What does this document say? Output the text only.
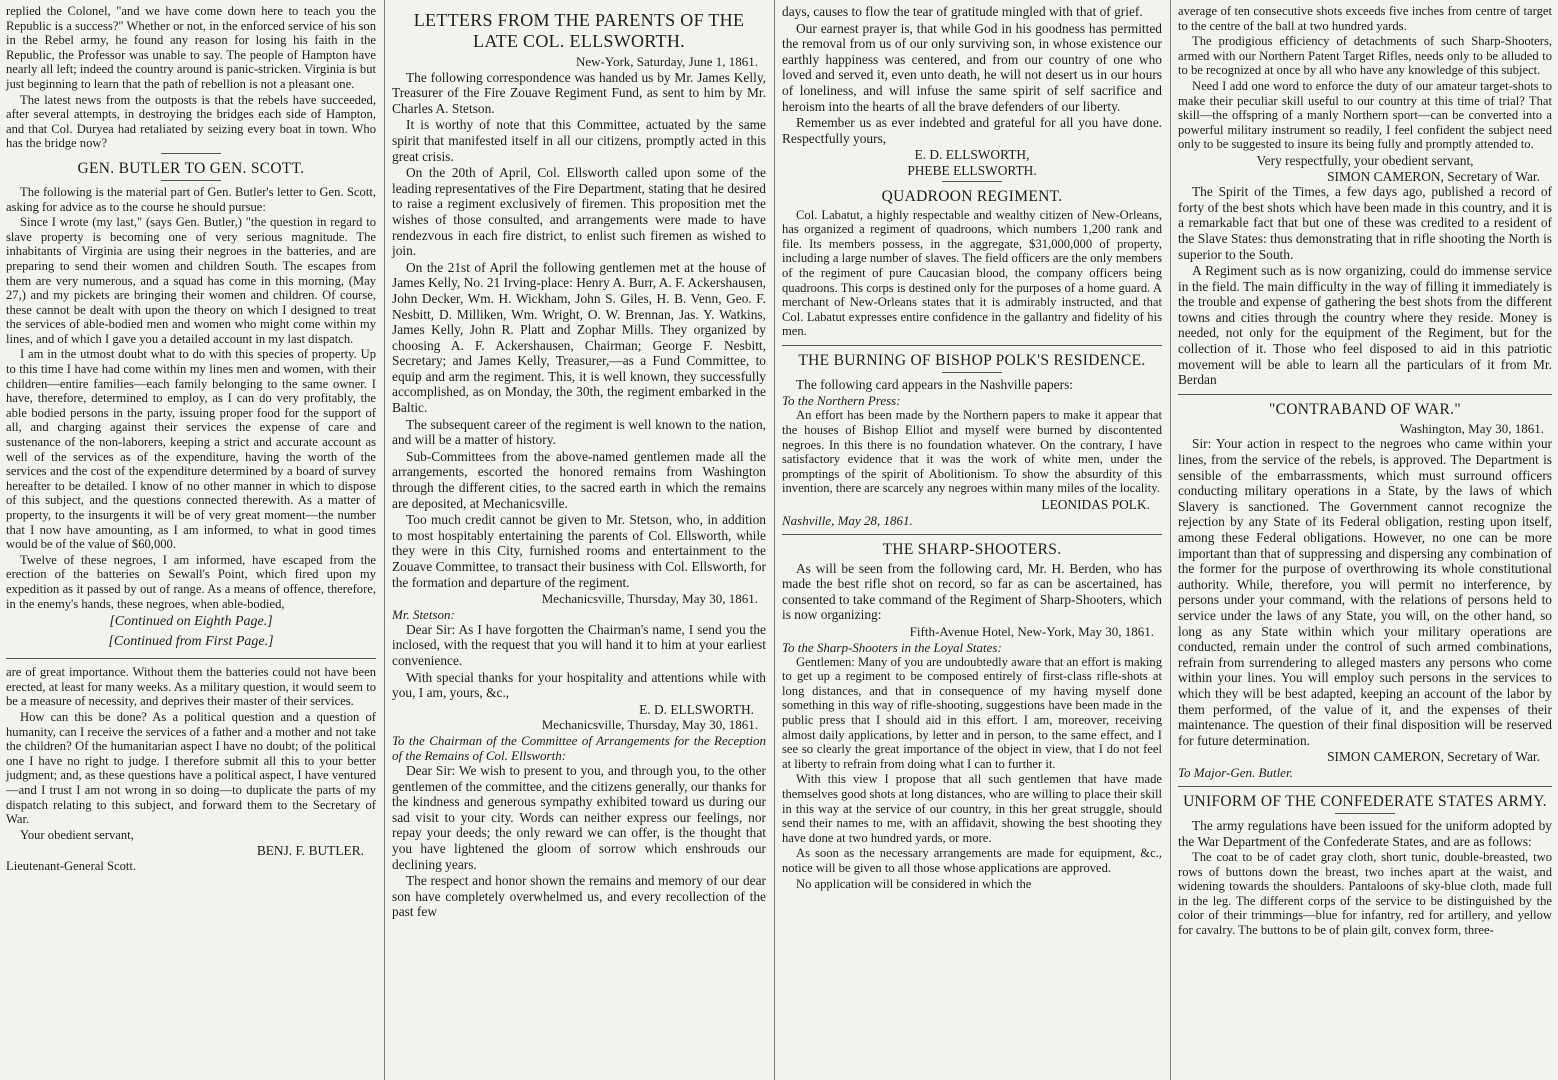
replied the Colonel, "and we have come down here to teach you the Republic is a success?" Whether or not, in the enforced service of his son in the Rebel army, he found any reason for losing his faith in the Republic, the Professor was unable to say. The people of Hampton have nearly all left; indeed the country around is panic-stricken. Virginia is but just beginning to learn that the path of rebellion is not a pleasant one.

The latest news from the outposts is that the rebels have succeeded, after several attempts, in destroying the bridges each side of Hampton, and that Col. Duryea had retaliated by seizing every boat in town. Who has the bridge now?

GEN. BUTLER TO GEN. SCOTT.

The following is the material part of Gen. Butler's letter to Gen. Scott, asking for advice as to the course he should pursue:

Since I wrote (my last," (says Gen. Butler,) "the question in regard to slave property is becoming one of very serious magnitude. The inhabitants of Virginia are using their negroes in the batteries, and are preparing to send their women and children South. The escapes from them are very numerous, and a squad has come in this morning, (May 27,) and my pickets are bringing their women and children. Of course, these cannot be dealt with upon the theory on which I designed to treat the services of able-bodied men and women who might come within my lines, and of which I gave you a detailed account in my last dispatch.

I am in the utmost doubt what to do with this species of property. Up to this time I have had come within my lines men and women, with their children—entire families—each family belonging to the same owner. I have, therefore, determined to employ, as I can do very profitably, the able bodied persons in the party, issuing proper food for the support of all, and charging against their services the expense of care and sustenance of the non-laborers, keeping a strict and accurate account as well of the services as of the expenditure, having the worth of the services and the cost of the expenditure determined by a board of survey hereafter to be detailed. I know of no other manner in which to dispose of this subject, and the questions connected therewith. As a matter of property, to the insurgents it will be of very great moment—the number that I now have amounting, as I am informed, to what in good times would be of the value of $60,000.

Twelve of these negroes, I am informed, have escaped from the erection of the batteries on Sewall's Point, which fired upon my expedition as it passed by out of range. As a means of offence, therefore, in the enemy's hands, these negroes, when able-bodied,

[Continued on Eighth Page.]
[Continued from First Page.]

are of great importance. Without them the batteries could not have been erected, at least for many weeks. As a military question, it would seem to be a measure of necessity, and deprives their master of their services.

How can this be done? As a political question and a question of humanity, can I receive the services of a father and a mother and not take the children? Of the humanitarian aspect I have no doubt; of the political one I have no right to judge. I therefore submit all this to your better judgment; and, as these questions have a political aspect, I have ventured—and I trust I am not wrong in so doing—to duplicate the parts of my dispatch relating to this subject, and forward them to the Secretary of War.

Your obedient servant,

BENJ. F. BUTLER.

Lieutenant-General Scott.

LETTERS FROM THE PARENTS OF THE LATE COL. ELLSWORTH.
New-York, Saturday, June 1, 1861.

The following correspondence was handed us by Mr. James Kelly, Treasurer of the Fire Zouave Regiment Fund, as sent to him by Mr. Charles A. Stetson.

It is worthy of note that this Committee, actuated by the same spirit that manifested itself in all our citizens, promptly acted in this great crisis.

On the 20th of April, Col. Ellsworth called upon some of the leading representatives of the Fire Department, stating that he desired to raise a regiment exclusively of firemen. This proposition met the wishes of those consulted, and arrangements were made to have rendezvous in each fire district, to enlist such firemen as wished to join.

On the 21st of April the following gentlemen met at the house of James Kelly, No. 21 Irving-place: Henry A. Burr, A. F. Ackershausen, John Decker, Wm. H. Wickham, John S. Giles, H. B. Venn, Geo. F. Nesbitt, D. Milliken, Wm. Wright, O. W. Brennan, Jas. Y. Watkins, James Kelly, John R. Platt and Zophar Mills. They organized by choosing A. F. Ackershausen, Chairman; George F. Nesbitt, Secretary; and James Kelly, Treasurer,—as a Fund Committee, to equip and arm the regiment. This, it is well known, they successfully accomplished, as on Monday, the 30th, the regiment embarked in the Baltic.

The subsequent career of the regiment is well known to the nation, and will be a matter of history.

Sub-Committees from the above-named gentlemen made all the arrangements, escorted the honored remains from Washington through the different cities, to the sacred earth in which the remains are deposited, at Mechanicsville.

Too much credit cannot be given to Mr. Stetson, who, in addition to most hospitably entertaining the parents of Col. Ellsworth, while they were in this City, furnished rooms and entertainment to the Zouave Committee, to transact their business with Col. Ellsworth, for the formation and departure of the regiment.

Mechanicsville, Thursday, May 30, 1861.

Mr. Stetson:

Dear Sir: As I have forgotten the Chairman's name, I send you the inclosed, with the request that you will hand it to him at your earliest convenience.

With special thanks for your hospitality and attentions while with you, I am, yours, &c.,

E. D. ELLSWORTH.
Mechanicsville, Thursday, May 30, 1861.

To the Chairman of the Committee of Arrangements for the Reception of the Remains of Col. Ellsworth:

Dear Sir: We wish to present to you, and through you, to the other gentlemen of the committee, and the citizens generally, our thanks for the kindness and generous sympathy exhibited toward us during our sad visit to your city. Words can neither express our feelings, nor repay your deeds; the only reward we can offer, is the thought that you have lightened the gloom of sorrow which enshrouds our declining years.

The respect and honor shown the remains and memory of our dear son have completely overwhelmed us, and every recollection of the past few

days, causes to flow the tear of gratitude mingled with that of grief.

Our earnest prayer is, that while God in his goodness has permitted the removal from us of our only surviving son, in whose existence our earthly happiness was centered, and from our country of one who loved and served it, even unto death, he will not desert us in our hours of loneliness, and will infuse the same spirit of self sacrifice and heroism into the hearts of all the brave defenders of our liberty.

Remember us as ever indebted and grateful for all you have done. Respectfully yours,

E. D. ELLSWORTH,
PHEBE ELLSWORTH.
QUADROON REGIMENT.

Col. Labatut, a highly respectable and wealthy citizen of New-Orleans, has organized a regiment of quadroons, which numbers 1,200 rank and file. Its members possess, in the aggregate, $31,000,000 of property, including a large number of slaves. The field officers are the only members of the regiment of pure Caucasian blood, the company officers being quadroons. This corps is destined only for the purposes of a home guard. A merchant of New-Orleans states that it is admirably instructed, and that Col. Labatut expresses entire confidence in the gallantry and fidelity of his men.

THE BURNING OF BISHOP POLK'S RESIDENCE.

The following card appears in the Nashville papers:

To the Northern Press:

An effort has been made by the Northern papers to make it appear that the houses of Bishop Elliot and myself were burned by discontented negroes. In this there is no foundation whatever. On the contrary, I have satisfactory evidence that it was the work of white men, under the promptings of the spirit of Abolitionism. To show the absurdity of this invention, there are scarcely any negroes within many miles of the locality.

LEONIDAS POLK.

Nashville, May 28, 1861.

THE SHARP-SHOOTERS.

As will be seen from the following card, Mr. H. Berden, who has made the best rifle shot on record, so far as can be ascertained, has consented to take command of the Regiment of Sharp-Shooters, which is now organizing:

Fifth-Avenue Hotel, New-York, May 30, 1861.

To the Sharp-Shooters in the Loyal States:

Gentlemen: Many of you are undoubtedly aware that an effort is making to get up a regiment to be composed entirely of first-class rifle-shots at long distances, and that in consequence of my having myself done something in this way of rifle-shooting, suggestions have been made in the public press that I should aid in this effort. I am, moreover, receiving almost daily applications, by letter and in person, to the same effect, and I see so clearly the great importance of the object in view, that I do not feel at liberty to refrain from doing what I can to further it.

With this view I propose that all such gentlemen that have made themselves good shots at long distances, who are willing to place their skill in this way at the service of our country, in this her great struggle, should send their names to me, with an affidavit, showing the best shooting they have done at two hundred yards, or more.

As soon as the necessary arrangements are made for equipment, &c., notice will be given to all those whose applications are approved.

No application will be considered in which the

average of ten consecutive shots exceeds five inches from centre of target to the centre of the ball at two hundred yards.

The prodigious efficiency of detachments of such Sharp-Shooters, armed with our Northern Patent Target Rifles, needs only to be alluded to to be recognized at once by all who have any knowledge of this subject.

Need I add one word to enforce the duty of our amateur target-shots to make their peculiar skill useful to our country at this time of trial? That skill—the offspring of a manly Northern sport—can be converted into a powerful military instrument so readily, I feel confident the subject need only to be suggested to insure its being fully and promptly attended to.

Very respectfully, your obedient servant,
SIMON CAMERON, Secretary of War.

The Spirit of the Times, a few days ago, published a record of forty of the best shots which have been made in this country, and it is a remarkable fact that but one of these was credited to a resident of the Slave States: thus demonstrating that in rifle shooting the North is superior to the South.

A Regiment such as is now organizing, could do immense service in the field. The main difficulty in the way of filling it immediately is the trouble and expense of gathering the best shots from the different towns and cities through the country where they reside. Money is needed, not only for the equipment of the Regiment, but for the collection of it. Those who feel disposed to aid in this patriotic movement will be able to learn all the particulars of it from Mr. Berdan

"CONTRABAND OF WAR."
Washington, May 30, 1861.

Sir: Your action in respect to the negroes who came within your lines, from the service of the rebels, is approved. The Department is sensible of the embarrassments, which must surround officers conducting military operations in a State, by the laws of which Slavery is sanctioned. The Government cannot recognize the rejection by any State of its Federal obligation, resting upon itself, among these Federal obligations. However, no one can be more important than that of suppressing and dispersing any combination of the former for the purpose of overthrowing its whole constitutional authority. While, therefore, you will permit no interference, by persons under your command, with the relations of persons held to service under the laws of any State, you will, on the other hand, so long as any State within which your military operations are conducted, remain under the control of such armed combinations, refrain from surrendering to alleged masters any persons who come within your lines. You will employ such persons in the services to which they will be best adapted, keeping an account of the labor by them performed, of the value of it, and the expenses of their maintenance. The question of their final disposition will be reserved for future determination.

SIMON CAMERON, Secretary of War.

To Major-Gen. Butler.

UNIFORM OF THE CONFEDERATE STATES ARMY.

The army regulations have been issued for the uniform adopted by the War Department of the Confederate States, and are as follows:

The coat to be of cadet gray cloth, short tunic, double-breasted, two rows of buttons down the breast, two inches apart at the waist, and widening towards the shoulders. Pantaloons of sky-blue cloth, made full in the leg. The different corps of the service to be distinguished by the color of their trimmings—blue for infantry, red for artillery, and yellow for cavalry. The buttons to be of plain gilt, convex form, three-
